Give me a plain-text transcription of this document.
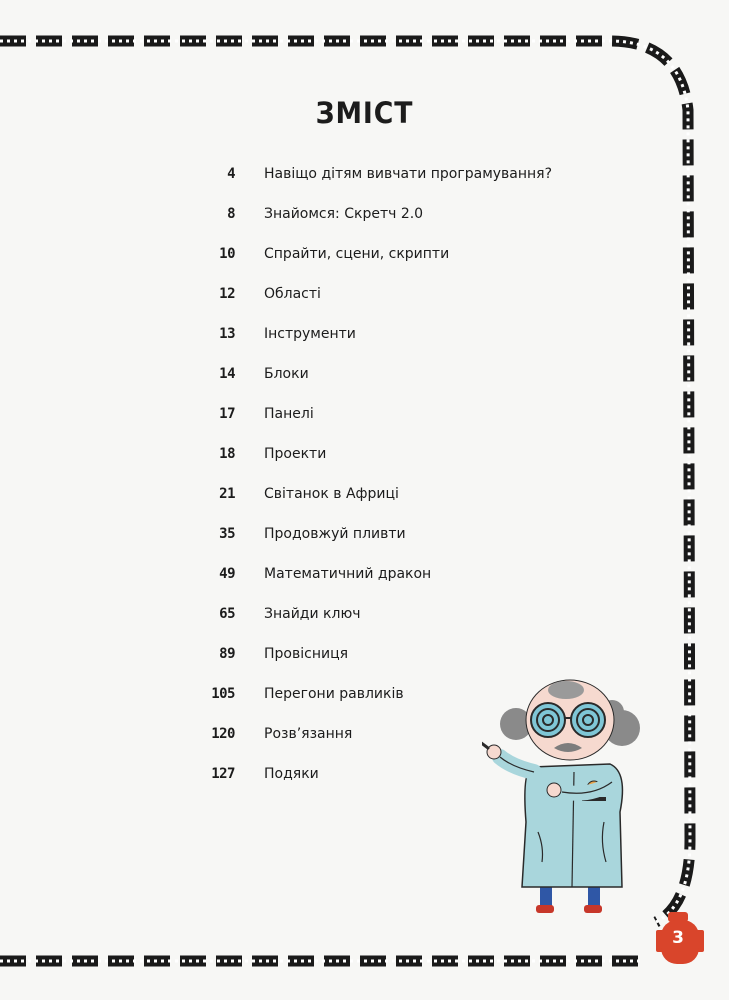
ЗМІСТ
4 Навіщо дітям вивчати програмування?
8 Знайомся: Скретч 2.0
10 Спрайти, сцени, скрипти
12 Області
13 Інструменти
14 Блоки
17 Панелі
18 Проекти
21 Світанок в Африці
35 Продовжуй пливти
49 Математичний дракон
65 Знайди ключ
89 Провісниця
105 Перегони равликів
120 Розв’язання
127 Подяки
3
